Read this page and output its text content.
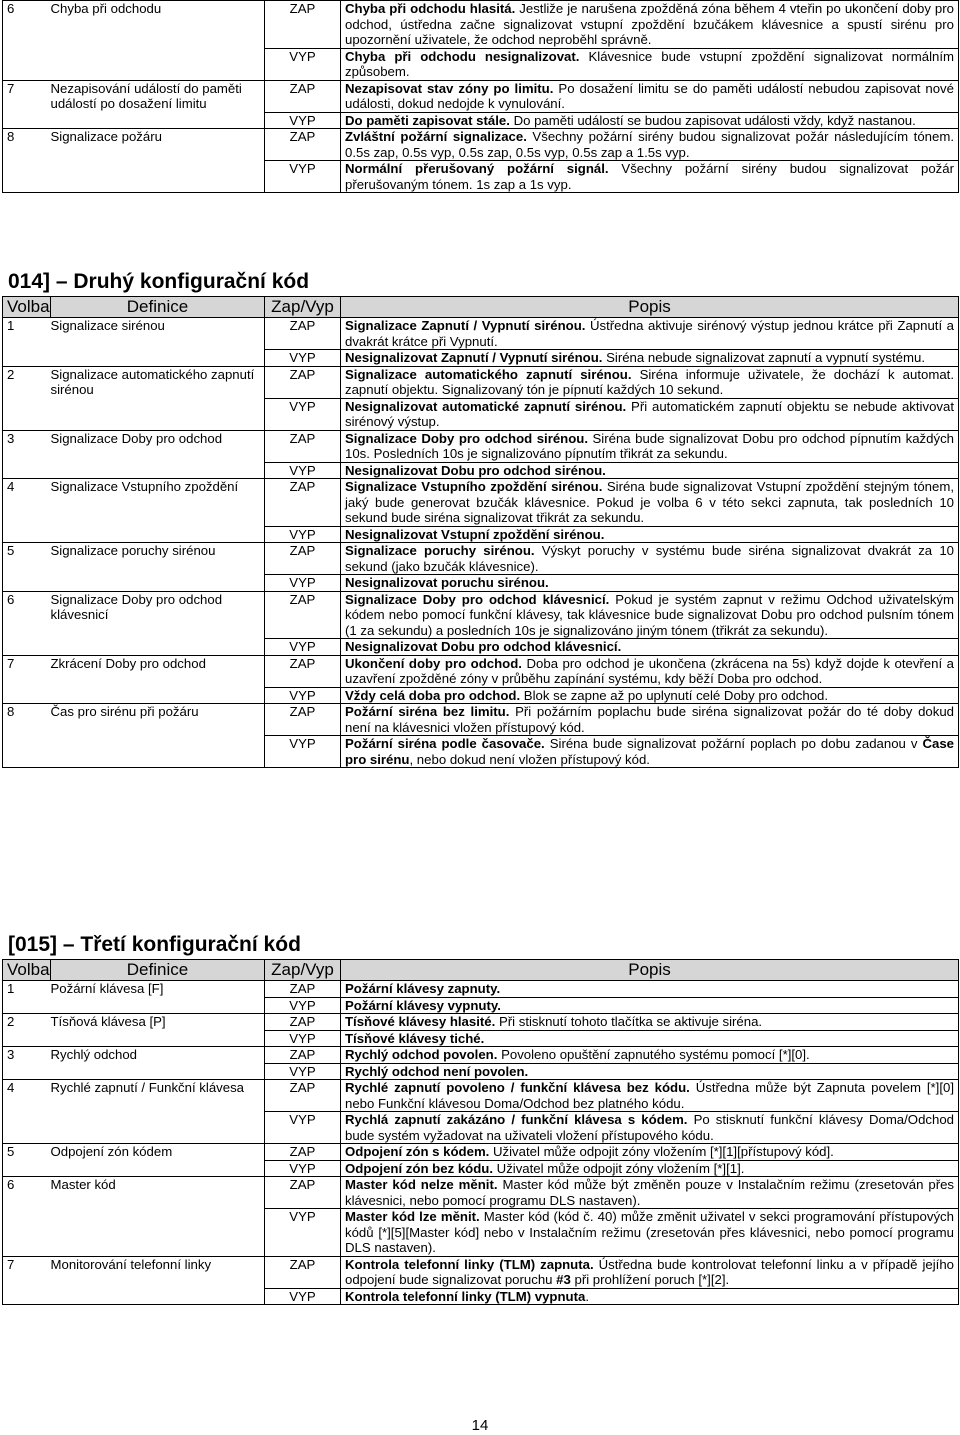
6	Chyba při odchodu	ZAP	Chyba při odchodu hlasitá. Jestliže je narušena zpožděná zóna během 4 vteřin po ukončení doby pro odchod, ústředna začne signalizovat vstupní zpoždění bzučákem klávesnice a spustí sirénu pro upozornění uživatele, že odchod neproběhl správně.
		VYP	Chyba při odchodu nesignalizovat. Klávesnice bude vstupní zpoždění signalizovat normálním způsobem.
7	Nezapisování událostí do paměti událostí po dosažení limitu	ZAP	Nezapisovat stav zóny po limitu. Po dosažení limitu se do paměti událostí nebudou zapisovat nové události, dokud nedojde k vynulování.
		VYP	Do paměti zapisovat stále. Do paměti událostí se budou zapisovat události vždy, když nastanou.
8	Signalizace požáru	ZAP	Zvláštní požární signalizace. Všechny požární sirény budou signalizovat požár následujícím tónem. 0.5s zap, 0.5s vyp, 0.5s zap, 0.5s vyp, 0.5s zap a 1.5s vyp.
		VYP	Normální přerušovaný požární signál. Všechny požární sirény budou signalizovat požár přerušovaným tónem. 1s zap a 1s vyp.
014] – Druhý konfigurační kód
Volba	Definice	Zap/Vyp	Popis
1	Signalizace sirénou	ZAP	Signalizace Zapnutí / Vypnutí sirénou. Ústředna aktivuje sirénový výstup jednou krátce při Zapnutí a dvakrát krátce při Vypnutí.
		VYP	Nesignalizovat Zapnutí / Vypnutí sirénou. Siréna nebude signalizovat zapnutí a vypnutí systému.
2	Signalizace automatického zapnutí sirénou	ZAP	Signalizace automatického zapnutí sirénou. Siréna informuje uživatele, že dochází k automat. zapnutí objektu. Signalizovaný tón je pípnutí každých 10 sekund.
		VYP	Nesignalizovat automatické zapnutí sirénou. Při automatickém zapnutí objektu se nebude aktivovat sirénový výstup.
3	Signalizace Doby pro odchod	ZAP	Signalizace Doby pro odchod sirénou. Siréna bude signalizovat Dobu pro odchod pípnutím každých 10s. Posledních 10s je signalizováno pípnutím třikrát za sekundu.
		VYP	Nesignalizovat Dobu pro odchod sirénou.
4	Signalizace Vstupního zpoždění	ZAP	Signalizace Vstupního zpoždění sirénou. Siréna bude signalizovat Vstupní zpoždění stejným tónem, jaký bude generovat bzučák klávesnice. Pokud je volba 6 v této sekci zapnuta, tak posledních 10 sekund bude siréna signalizovat třikrát za sekundu.
		VYP	Nesignalizovat Vstupní zpoždění sirénou.
5	Signalizace poruchy sirénou	ZAP	Signalizace poruchy sirénou. Výskyt poruchy v systému bude siréna signalizovat dvakrát za 10 sekund (jako bzučák klávesnice).
		VYP	Nesignalizovat poruchu sirénou.
6	Signalizace Doby pro odchod klávesnicí	ZAP	Signalizace Doby pro odchod klávesnicí. Pokud je systém zapnut v režimu Odchod uživatelským kódem nebo pomocí funkční klávesy, tak klávesnice bude signalizovat Dobu pro odchod pulsním tónem (1 za sekundu) a posledních 10s je signalizováno jiným tónem (třikrát za sekundu).
		VYP	Nesignalizovat Dobu pro odchod klávesnicí.
7	Zkrácení Doby pro odchod	ZAP	Ukončení doby pro odchod. Doba pro odchod je ukončena (zkrácena na 5s) když dojde k otevření a uzavření zpožděné zóny v průběhu zapínání systému, kdy běží Doba pro odchod.
		VYP	Vždy celá doba pro odchod. Blok se zapne až po uplynutí celé Doby pro odchod.
8	Čas pro sirénu při požáru	ZAP	Požární siréna bez limitu. Při požárním poplachu bude siréna signalizovat požár do té doby dokud není na klávesnici vložen přístupový kód.
		VYP	Požární siréna podle časovače. Siréna bude signalizovat požární poplach po dobu zadanou v Čase pro sirénu, nebo dokud není vložen přístupový kód.
[015] – Třetí konfigurační kód
Volba	Definice	Zap/Vyp	Popis
1	Požární klávesa [F]	ZAP	Požární klávesy zapnuty.
		VYP	Požární klávesy vypnuty.
2	Tísňová klávesa [P]	ZAP	Tísňové klávesy hlasité. Při stisknutí tohoto tlačítka se aktivuje siréna.
		VYP	Tísňové klávesy tiché.
3	Rychlý odchod	ZAP	Rychlý odchod povolen. Povoleno opuštění zapnutého systému pomocí [*][0].
		VYP	Rychlý odchod není povolen.
4	Rychlé zapnutí / Funkční klávesa	ZAP	Rychlé zapnutí povoleno / funkční klávesa bez kódu. Ústředna může být Zapnuta povelem [*][0] nebo Funkční klávesou Doma/Odchod bez platného kódu.
		VYP	Rychlá zapnutí zakázáno / funkční klávesa s kódem. Po stisknutí funkční klávesy Doma/Odchod bude systém vyžadovat na uživateli vložení přístupového kódu.
5	Odpojení zón kódem	ZAP	Odpojení zón s kódem. Uživatel může odpojit zóny vložením [*][1][přístupový kód].
		VYP	Odpojení zón bez kódu. Uživatel může odpojit zóny vložením [*][1].
6	Master kód	ZAP	Master kód nelze měnit. Master kód může být změněn pouze v Instalačním režimu (zresetován přes klávesnici, nebo pomocí programu DLS nastaven).
		VYP	Master kód lze měnit. Master kód (kód č. 40) může změnit uživatel v sekci programování přístupových kódů [*][5][Master kód] nebo v Instalačním režimu (zresetován přes klávesnici, nebo pomocí programu DLS nastaven).
7	Monitorování telefonní linky	ZAP	Kontrola telefonní linky (TLM) zapnuta. Ústředna bude kontrolovat telefonní linku a v případě jejího odpojení bude signalizovat poruchu #3 při prohlížení poruch [*][2].
		VYP	Kontrola telefonní linky (TLM) vypnuta.
14
